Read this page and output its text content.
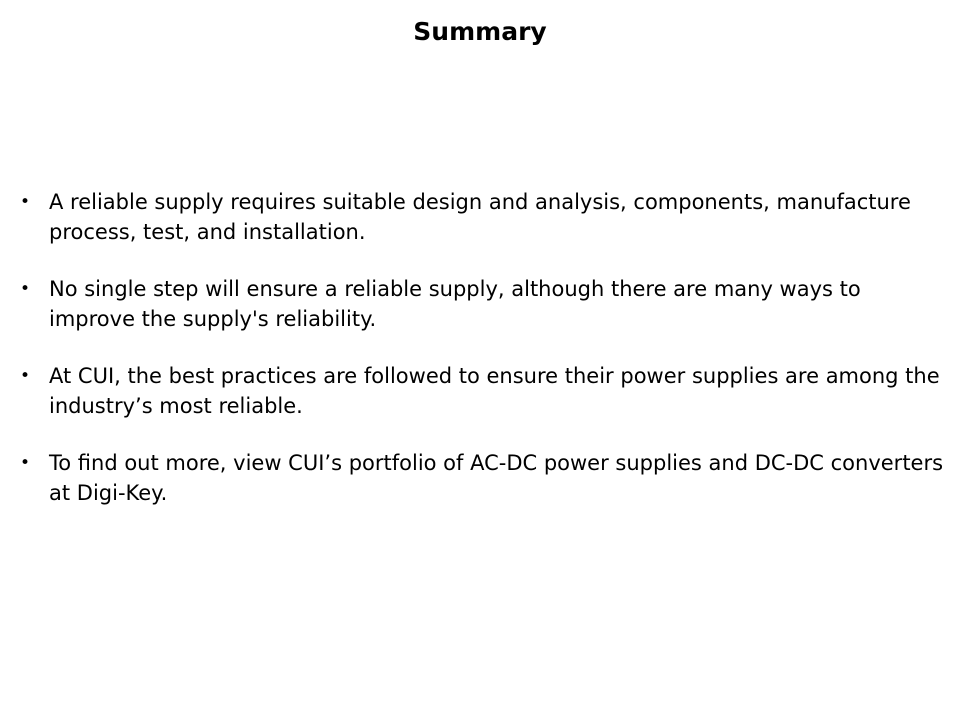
Summary
• A reliable supply requires suitable design and analysis, components, manufacture process, test, and installation.
• No single step will ensure a reliable supply, although there are many ways to improve the supply's reliability.
• At CUI, the best practices are followed to ensure their power supplies are among the industry’s most reliable.
• To find out more, view CUI’s portfolio of AC-DC power supplies and DC-DC converters at Digi-Key.
